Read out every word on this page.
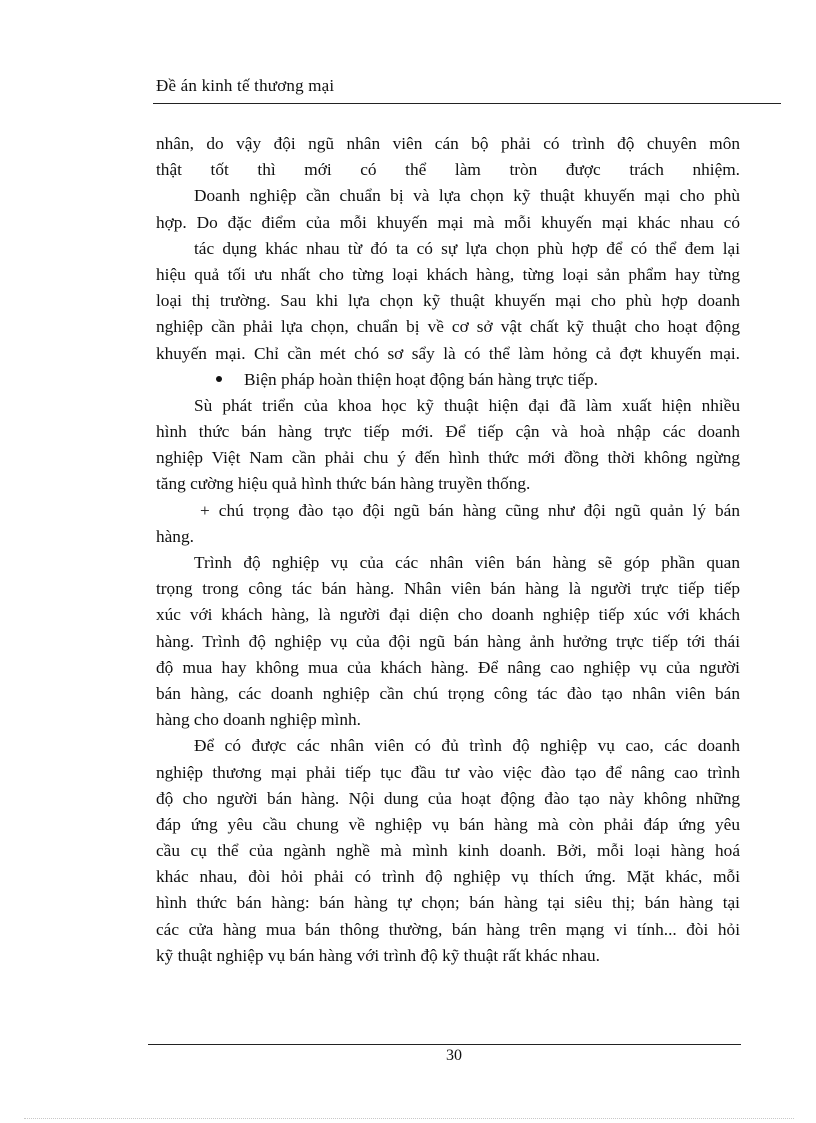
Đề án kinh tế thương mại
nhân, do vậy đội ngũ nhân viên cán bộ phải có trình độ chuyên môn
thật tốt thì mới có thể làm tròn được trách nhiệm.
Doanh nghiệp cần chuẩn bị và lựa chọn kỹ thuật khuyến mại cho phù
hợp. Do đặc điểm của mỗi khuyến mại mà mỗi khuyến mại khác nhau có
tác dụng khác nhau từ đó ta có sự lựa chọn phù hợp để có thể đem lại
hiệu quả tối ưu nhất cho từng loại khách hàng, từng loại sản phẩm hay từng
loại thị trường. Sau khi lựa chọn kỹ thuật khuyến mại cho phù hợp doanh
nghiệp cần phải lựa chọn, chuẩn bị về cơ sở vật chất kỹ thuật cho hoạt động
khuyến mại. Chỉ cần mét chó sơ sẩy là có thể làm hỏng cả đợt khuyến mại.
Biện pháp hoàn thiện hoạt động bán hàng trực tiếp.
Sù phát triển của khoa học kỹ thuật hiện đại đã làm xuất hiện nhiều
hình thức bán hàng trực tiếp mới. Để tiếp cận và hoà nhập các doanh
nghiệp Việt Nam cần phải chu ý đến hình thức mới đồng thời không ngừng
tăng cường hiệu quả hình thức bán hàng truyền thống.
+ chú trọng đào tạo đội ngũ bán hàng cũng như đội ngũ quản lý bán
hàng.
Trình độ nghiệp vụ của các nhân viên bán hàng sẽ góp phần quan
trọng trong công tác bán hàng. Nhân viên bán hàng là người trực tiếp tiếp
xúc với khách hàng, là người đại diện cho doanh nghiệp tiếp xúc với khách
hàng. Trình độ nghiệp vụ của đội ngũ bán hàng ảnh hưởng trực tiếp tới thái
độ mua hay không mua của khách hàng. Để nâng cao nghiệp vụ của người
bán hàng, các doanh nghiệp cần chú trọng công tác đào tạo nhân viên bán
hàng cho doanh nghiệp mình.
Để có được các nhân viên có đủ trình độ nghiệp vụ cao, các doanh
nghiệp thương mại phải tiếp tục đầu tư vào việc đào tạo để nâng cao trình
độ cho người bán hàng. Nội dung của hoạt động đào tạo này không những
đáp ứng yêu cầu chung về nghiệp vụ bán hàng mà còn phải đáp ứng yêu
cầu cụ thể của ngành nghề mà mình kinh doanh. Bởi, mỗi loại hàng hoá
khác nhau, đòi hỏi phải có trình độ nghiệp vụ thích ứng. Mặt khác, mỗi
hình thức bán hàng: bán hàng tự chọn; bán hàng tại siêu thị; bán hàng tại
các cửa hàng mua bán thông thường, bán hàng trên mạng vi tính... đòi hỏi
kỹ thuật nghiệp vụ bán hàng với trình độ kỹ thuật rất khác nhau.
30
